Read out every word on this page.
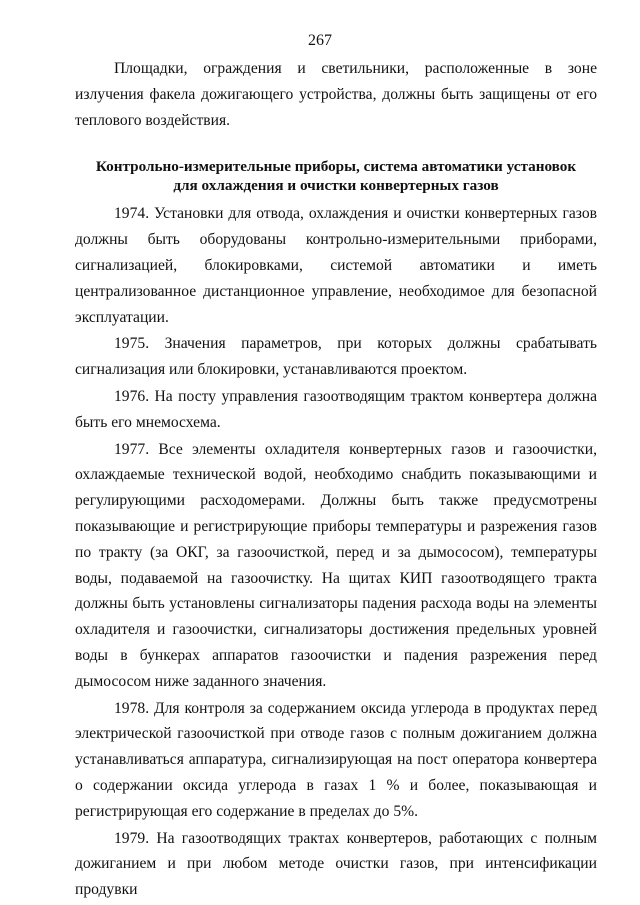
267

Площадки, ограждения и светильники, расположенные в зоне излучения факела дожигающего устройства, должны быть защищены от его теплового воздействия.

Контрольно-измерительные приборы, система автоматики установок
для охлаждения и очистки конвертерных газов

1974. Установки для отвода, охлаждения и очистки конвертерных газов должны быть оборудованы контрольно-измерительными приборами, сигнализацией, блокировками, системой автоматики и иметь централизованное дистанционное управление, необходимое для безопасной эксплуатации.

1975. Значения параметров, при которых должны срабатывать сигнализация или блокировки, устанавливаются проектом.

1976. На посту управления газоотводящим трактом конвертера должна быть его мнемосхема.

1977. Все элементы охладителя конвертерных газов и газоочистки, охлаждаемые технической водой, необходимо снабдить показывающими и регулирующими расходомерами. Должны быть также предусмотрены показывающие и регистрирующие приборы температуры и разрежения газов по тракту (за ОКГ, за газоочисткой, перед и за дымососом), температуры воды, подаваемой на газоочистку. На щитах КИП газоотводящего тракта должны быть установлены сигнализаторы падения расхода воды на элементы охладителя и газоочистки, сигнализаторы достижения предельных уровней воды в бункерах аппаратов газоочистки и падения разрежения перед дымососом ниже заданного значения.

1978. Для контроля за содержанием оксида углерода в продуктах перед электрической газоочисткой при отводе газов с полным дожиганием должна устанавливаться аппаратура, сигнализирующая на пост оператора конвертера о содержании оксида углерода в газах 1 % и более, показывающая и регистрирующая его содержание в пределах до 5%.

1979. На газоотводящих трактах конвертеров, работающих с полным дожиганием и при любом методе очистки газов, при интенсификации продувки
